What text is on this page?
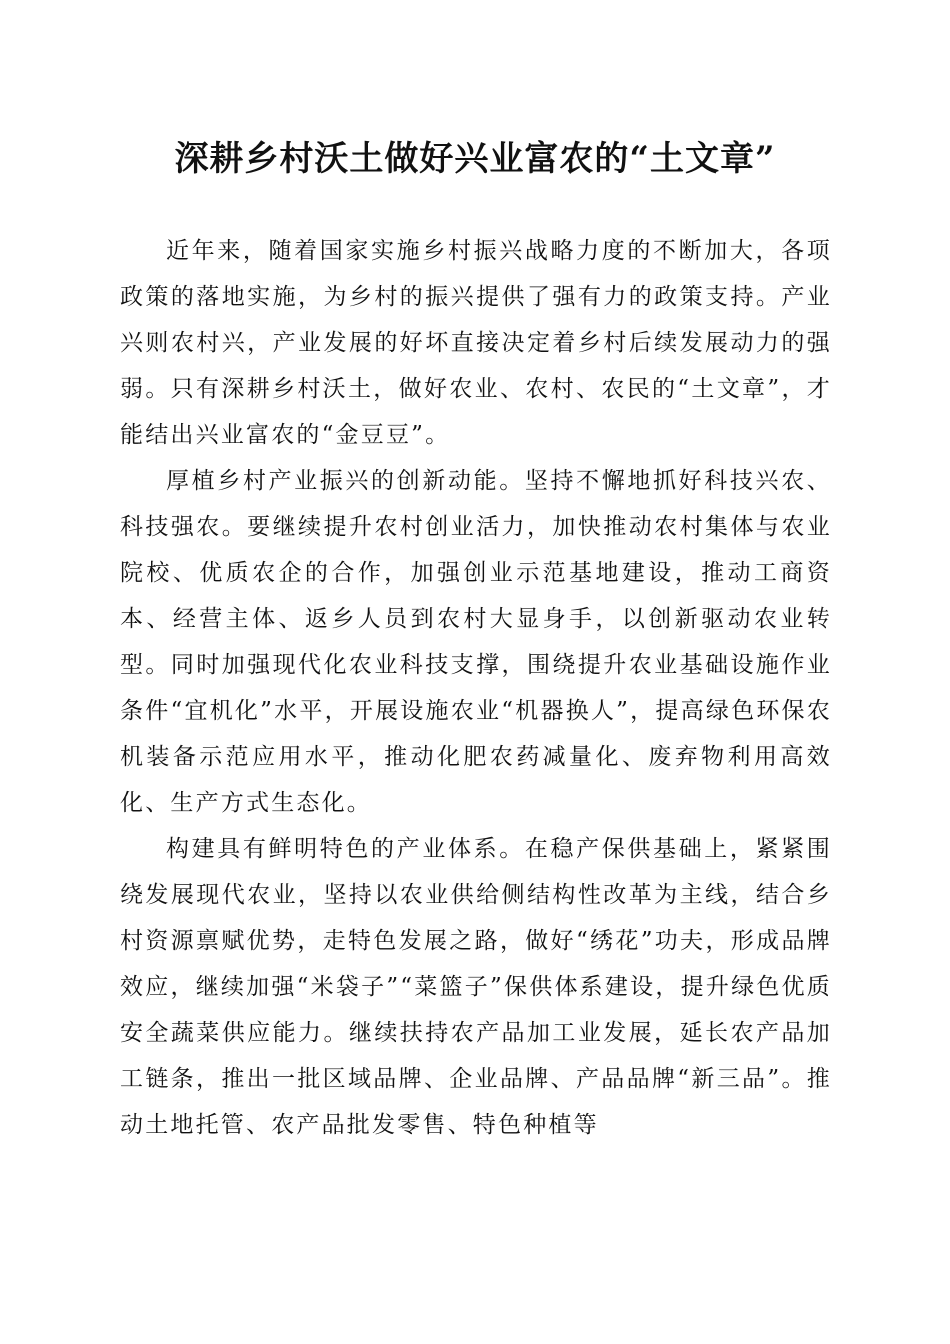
深耕乡村沃土做好兴业富农的“土文章”

近年来，随着国家实施乡村振兴战略力度的不断加大，各项政策的落地实施，为乡村的振兴提供了强有力的政策支持。产业兴则农村兴，产业发展的好坏直接决定着乡村后续发展动力的强弱。只有深耕乡村沃土，做好农业、农村、农民的“土文章”，才能结出兴业富农的“金豆豆”。

厚植乡村产业振兴的创新动能。坚持不懈地抓好科技兴农、科技强农。要继续提升农村创业活力，加快推动农村集体与农业院校、优质农企的合作，加强创业示范基地建设，推动工商资本、经营主体、返乡人员到农村大显身手，以创新驱动农业转型。同时加强现代化农业科技支撑，围绕提升农业基础设施作业条件“宜机化”水平，开展设施农业“机器换人”，提高绿色环保农机装备示范应用水平，推动化肥农药减量化、废弃物利用高效化、生产方式生态化。

构建具有鲜明特色的产业体系。在稳产保供基础上，紧紧围绕发展现代农业，坚持以农业供给侧结构性改革为主线，结合乡村资源禀赋优势，走特色发展之路，做好“绣花”功夫，形成品牌效应，继续加强“米袋子”“菜篮子”保供体系建设，提升绿色优质安全蔬菜供应能力。继续扶持农产品加工业发展，延长农产品加工链条，推出一批区域品牌、企业品牌、产品品牌“新三品”。推动土地托管、农产品批发零售、特色种植等
